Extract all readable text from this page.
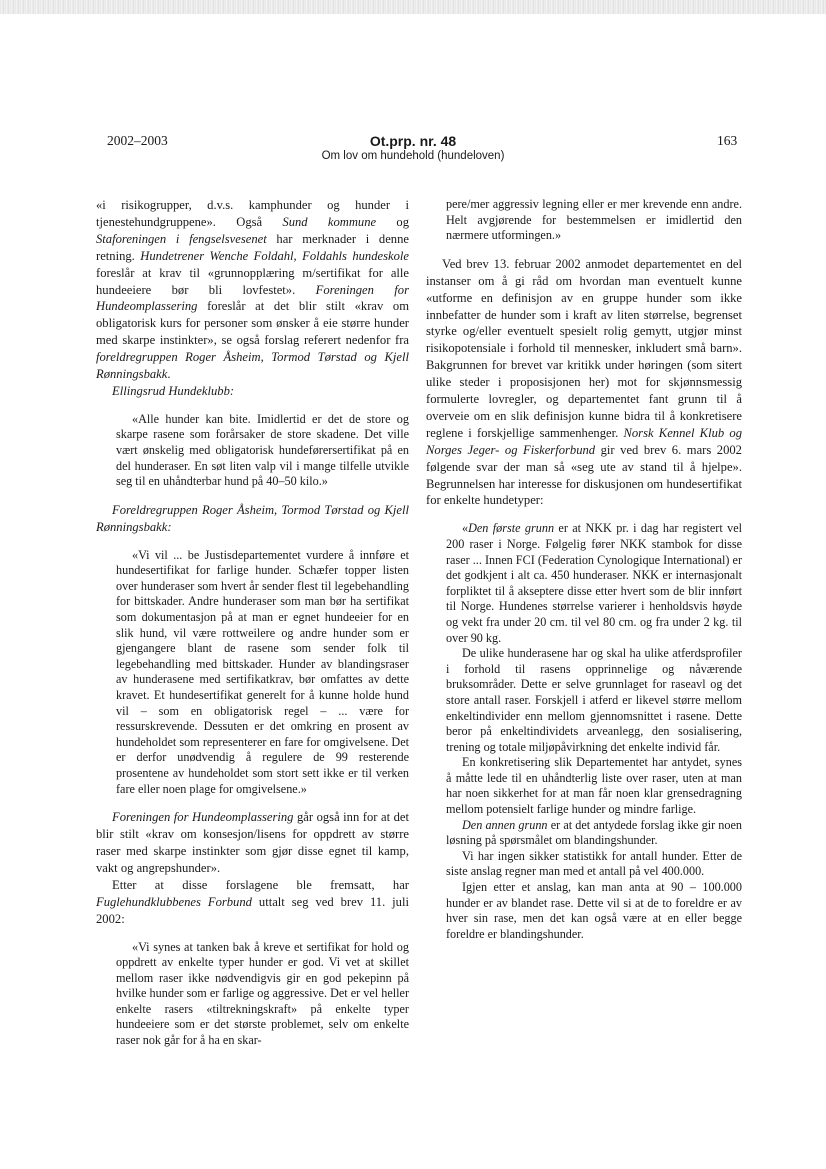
2002–2003	Ot.prp. nr. 48
Om lov om hundehold (hundeloven)
163

«i risikogrupper, d.v.s. kamphunder og hunder i tjenestehundgruppene». Også Sund kommune og Staforeningen i fengselsvesenet har merknader i denne retning. Hundetrener Wenche Foldahl, Foldahls hundeskole foreslår at krav til «grunnopplæring m/sertifikat for alle hundeeiere bør bli lovfestet». Foreningen for Hundeomplassering foreslår at det blir stilt «krav om obligatorisk kurs for personer som ønsker å eie større hunder med skarpe instinkter», se også forslag referert nedenfor fra foreldregruppen Roger Åsheim, Tormod Tørstad og Kjell Rønningsbakk.

Ellingsrud Hundeklubb:

«Alle hunder kan bite. Imidlertid er det de store og skarpe rasene som forårsaker de store skadene. Det ville vært ønskelig med obligatorisk hundeførersertifikat på en del hunderaser. En søt liten valp vil i mange tilfelle utvikle seg til en uhåndterbar hund på 40–50 kilo.»

Foreldregruppen Roger Åsheim, Tormod Tørstad og Kjell Rønningsbakk:

«Vi vil ... be Justisdepartementet vurdere å innføre et hundesertifikat for farlige hunder. Schæfer topper listen over hunderaser som hvert år sender flest til legebehandling for bittskader. Andre hunderaser som man bør ha sertifikat som dokumentasjon på at man er egnet hundeeier for en slik hund, vil være rottweilere og andre hunder som er gjengangere blant de rasene som sender folk til legebehandling med bittskader. Hunder av blandingsraser av hunderasene med sertifikatkrav, bør omfattes av dette kravet. Et hundesertifikat generelt for å kunne holde hund vil – som en obligatorisk regel – ... være for ressurskrevende. Dessuten er det omkring en prosent av hundeholdet som representerer en fare for omgivelsene. Det er derfor unødvendig å regulere de 99 resterende prosentene av hundeholdet som stort sett ikke er til verken fare eller noen plage for omgivelsene.»

Foreningen for Hundeomplassering går også inn for at det blir stilt «krav om konsesjon/lisens for oppdrett av større raser med skarpe instinkter som gjør disse egnet til kamp, vakt og angrepshunder».

Etter at disse forslagene ble fremsatt, har Fuglehundklubbenes Forbund uttalt seg ved brev 11. juli 2002:

«Vi synes at tanken bak å kreve et sertifikat for hold og oppdrett av enkelte typer hunder er god. Vi vet at skillet mellom raser ikke nødvendigvis gir en god pekepinn på hvilke hunder som er farlige og aggressive. Det er vel heller enkelte rasers «tiltrekningskraft» på enkelte typer hundeeiere som er det største problemet, selv om enkelte raser nok går for å ha en skar-

pere/mer aggressiv legning eller er mer krevende enn andre. Helt avgjørende for bestemmelsen er imidlertid den nærmere utformingen.»

Ved brev 13. februar 2002 anmodet departementet en del instanser om å gi råd om hvordan man eventuelt kunne «utforme en definisjon av en gruppe hunder som ikke innbefatter de hunder som i kraft av liten størrelse, begrenset styrke og/eller eventuelt spesielt rolig gemytt, utgjør minst risikopotensiale i forhold til mennesker, inkludert små barn». Bakgrunnen for brevet var kritikk under høringen (som sitert ulike steder i proposisjonen her) mot for skjønnsmessig formulerte lovregler, og departementet fant grunn til å overveie om en slik definisjon kunne bidra til å konkretisere reglene i forskjellige sammenhenger. Norsk Kennel Klub og Norges Jeger- og Fiskerforbund gir ved brev 6. mars 2002 følgende svar der man så «seg ute av stand til å hjelpe». Begrunnelsen har interesse for diskusjonen om hundesertifikat for enkelte hundetyper:

«Den første grunn er at NKK pr. i dag har registert vel 200 raser i Norge. Følgelig fører NKK stambok for disse raser ... Innen FCI (Federation Cynologique International) er det godkjent i alt ca. 450 hunderaser. NKK er internasjonalt forpliktet til å akseptere disse etter hvert som de blir innført til Norge. Hundenes størrelse varierer i henholdsvis høyde og vekt fra under 20 cm. til vel 80 cm. og fra under 2 kg. til over 90 kg.

De ulike hunderasene har og skal ha ulike atferdsprofiler i forhold til rasens opprinnelige og nåværende bruksområder. Dette er selve grunnlaget for raseavl og det store antall raser. Forskjell i atferd er likevel større mellom enkeltindivider enn mellom gjennomsnittet i rasene. Dette beror på enkeltindividets arveanlegg, den sosialisering, trening og totale miljøpåvirkning det enkelte individ får.

En konkretisering slik Departementet har antydet, synes å måtte lede til en uhåndterlig liste over raser, uten at man har noen sikkerhet for at man får noen klar grensedragning mellom potensielt farlige hunder og mindre farlige.

Den annen grunn er at det antydede forslag ikke gir noen løsning på spørsmålet om blandingshunder.

Vi har ingen sikker statistikk for antall hunder. Etter de siste anslag regner man med et antall på vel 400.000.

Igjen etter et anslag, kan man anta at 90 – 100.000 hunder er av blandet rase. Dette vil si at de to foreldre er av hver sin rase, men det kan også være at en eller begge foreldre er blandingshunder.
